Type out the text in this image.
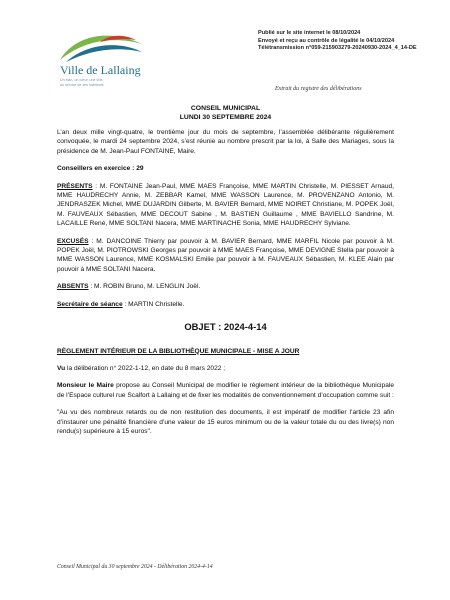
Ville de Lallaing
Un élan, un cœur, une ville
au service de ses habitants
Publié sur le site internet le 08/10/2024
Envoyé et reçu au contrôle de légalité le 04/10/2024
Télétransmission n°059-215903279-20240930-2024_4_14-DE
Extrait du registre des délibérations
CONSEIL MUNICIPAL
LUNDI 30 SEPTEMBRE 2024

L’an deux mille vingt-quatre, le trentième jour du mois de septembre, l’assemblée délibérante régulièrement convoquée, le mardi 24 septembre 2024, s’est réunie au nombre prescrit par la loi, à Salle des Mariages, sous la présidence de M. Jean-Paul FONTAINE, Maire.

Conseillers en exercice : 29
PRÉSENTS : M. FONTAINE Jean-Paul, MME MAES Françoise, MME MARTIN Christelle, M. PIESSET Arnaud, MME HAUDRECHY Annie, M. ZEBBAR Kamel, MME WASSON Laurence, M. PROVENZANO Antonio, M. JENDRASZEK Michel, MME DUJARDIN Gilberte, M. BAVIER Bernard, MME NOIRET Christiane, M. POPEK Joël, M. FAUVEAUX Sébastien, MME DECOUT Sabine , M. BASTIEN Guillaume , MME BAVIELLO Sandrine, M. LACAILLE René, MME SOLTANI Nacera, MME MARTINACHE Sonia, MME HAUDRECHY Sylviane.
EXCUSÉS : M. DANCOINE Thierry par pouvoir à M. BAVIER Bernard, MME MARFIL Nicole par pouvoir à M. POPEK Joël, M. PIOTROWSKI Georges par pouvoir à MME MAES Françoise, MME DEVIGNE Stella par pouvoir à MME WASSON Laurence, MME KOSMALSKI Emilie par pouvoir à M. FAUVEAUX Sébastien, M. KLEE Alain par pouvoir à MME SOLTANI Nacera.
ABSENTS : M. ROBIN Bruno, M. LENGLIN Joël.
Secrétaire de séance : MARTIN Christelle.
OBJET : 2024-4-14
RÈGLEMENT INTÉRIEUR DE LA BIBLIOTHÈQUE MUNICIPALE - MISE A JOUR
Vu la délibération n° 2022-1-12, en date du 8 mars 2022 ;
Monsieur le Maire propose au Conseil Municipal de modifier le règlement intérieur de la bibliothèque Municipale de l’Espace culturel rue Scalfort à Lallaing et de fixer les modalités de conventionnement d’occupation comme suit :
"Au vu des nombreux retards ou de non restitution des documents, il est impératif de modifier l’article 23 afin d’instaurer une pénalité financière d’une valeur de 15 euros minimum ou de la valeur totale du ou des livre(s) non rendu(s) supérieure à 15 euros".
Conseil Municipal du 30 septembre 2024 - Délibération 2024-4-14
